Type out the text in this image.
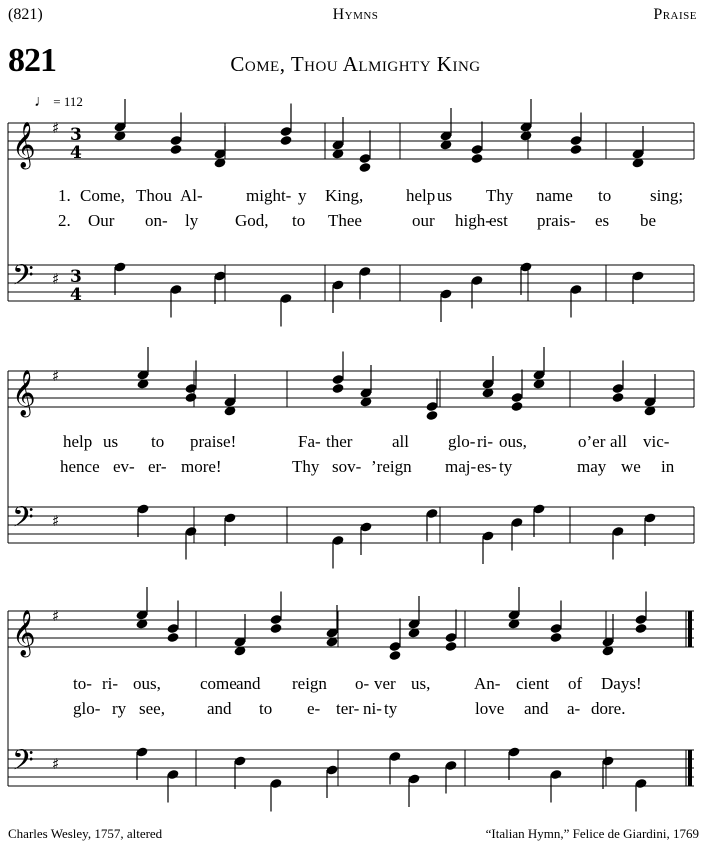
(821)	Hymns	Praise
821	Come, Thou Almighty King
♩ = 112
𝄞 ♯ 3
4
𝄢 ♯ 3
4
𝄞 ♯
𝄢 ♯
𝄞 ♯
𝄢 ♯
1. Come, Thou Al-	might- y King,	help us Thy name to sing;
2. Our on- ly God, to Thee	our high-
est prais- es be
help us to praise!	Fa- ther all glo- ri- ous,	o’er all vic-
hence ev- er- more!	Thy sov- ’reign maj- es- ty	may we in
to- ri- ous, come and reign o- ver us,	An- cient of Days!
glo- ry see, and to e- ter- ni- ty	love and a- dore.
Charles Wesley, 1757, altered	“Italian Hymn,” Felice de Giardini, 1769
